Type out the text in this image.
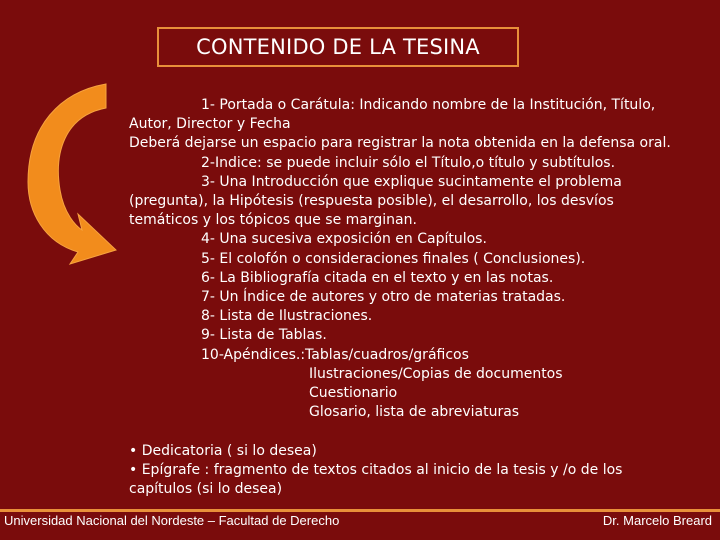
CONTENIDO DE LA TESINA
1- Portada o Carátula: Indicando nombre de la Institución, Título,
Autor, Director y Fecha
Deberá dejarse un espacio para registrar la nota obtenida en la defensa oral.
2-Indice: se puede incluir sólo el Título,o título y subtítulos.
3- Una Introducción que explique sucintamente el problema
(pregunta), la Hipótesis (respuesta posible), el desarrollo, los desvíos
temáticos y los tópicos que se marginan.
4- Una sucesiva exposición en Capítulos.
5- El colofón o consideraciones finales ( Conclusiones).
6- La Bibliografía citada en el texto y en las notas.
7- Un Índice de autores y otro de materias tratadas.
8- Lista de Ilustraciones.
9- Lista de Tablas.
10-Apéndices.:Tablas/cuadros/gráficos
Ilustraciones/Copias de documentos
Cuestionario
Glosario, lista de abreviaturas
• Dedicatoria ( si lo desea)
• Epígrafe : fragmento de textos citados al inicio de la tesis y /o de los
capítulos (si lo desea)
Universidad Nacional del Nordeste – Facultad de Derecho	Dr. Marcelo Breard
